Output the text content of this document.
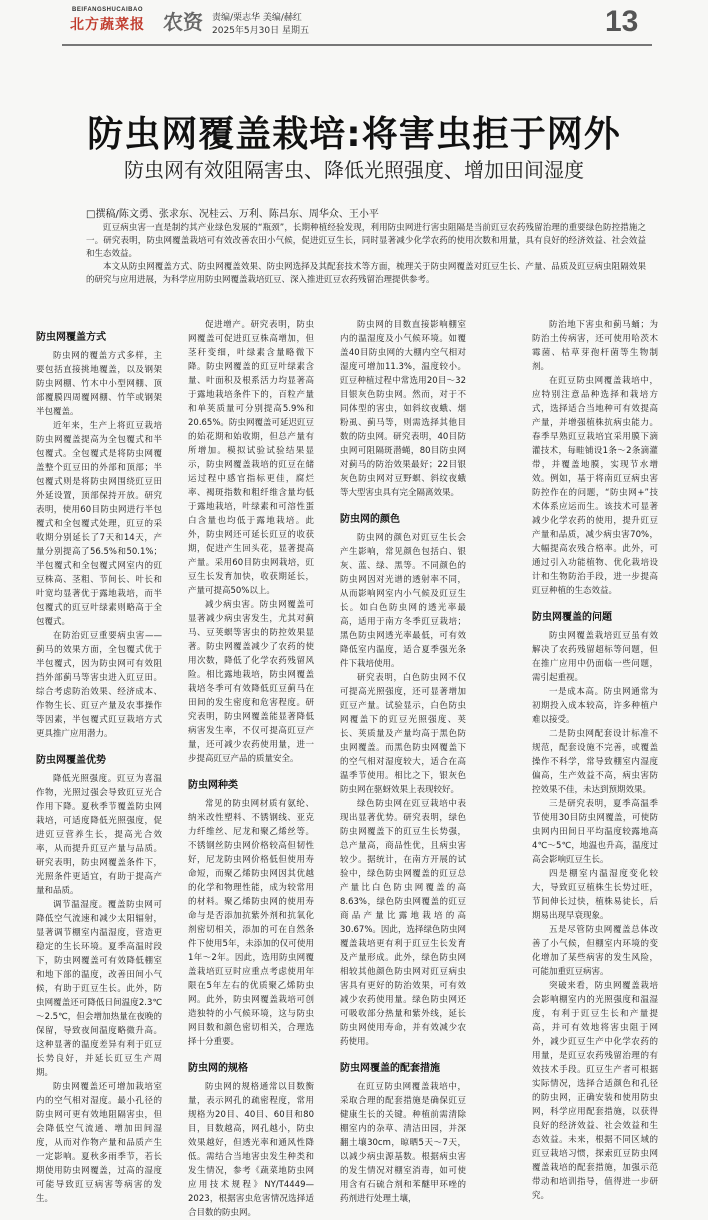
BEIFANGSHUCAIBAO
北方蔬菜报 农资 责编/栗志华 美编/赫红
2025年5月30日 星期五	13
防虫网覆盖栽培:将害虫拒于网外
防虫网有效阻隔害虫、降低光照强度、增加田间湿度
□撰稿/陈文勇、张求东、况桂云、万利、陈昌东、周华众、王小平

豇豆病虫害一直是制约其产业绿色发展的“瓶颈”，长期种植经验发现，利用防虫网进行害虫阻隔是当前豇豆农药残留治理的重要绿色防控措施之一。研究表明，防虫网覆盖栽培可有效改善农田小气候，促进豇豆生长，同时显著减少化学农药的使用次数和用量，具有良好的经济效益、社会效益和生态效益。

本文从防虫网覆盖方式、防虫网覆盖效果、防虫网选择及其配套技术等方面，梳理关于防虫网覆盖对豇豆生长、产量、品质及豇豆病虫阻隔效果的研究与应用进展，为科学应用防虫网覆盖栽培豇豆、深入推进豇豆农药残留治理提供参考。

防虫网覆盖方式

防虫网的覆盖方式多样，主要包括直接挑地覆盖，以及钢架防虫网棚、竹木中小型网棚、顶部覆膜四周覆网棚、竹竿或钢架半包覆盖。

近年来，生产上将豇豆栽培防虫网覆盖提高为全包覆式和半包覆式。全包覆式是将防虫网覆盖整个豇豆田的外部和顶部；半包覆式则是将防虫网围绕豇豆田外延设置，顶部保持开放。研究表明，使用60目防虫网进行半包覆式和全包覆式处理，豇豆的采收期分别延长了7天和14天，产量分别提高了56.5%和50.1%；半包覆式和全包覆式网室内的豇豆株高、茎粗、节间长、叶长和叶宽均显著优于露地栽培，而半包覆式的豇豆叶绿素则略高于全包覆式。

在防治豇豆重要病虫害——蓟马的效果方面，全包覆式优于半包覆式，因为防虫网可有效阻挡外部蓟马等害虫进入豇豆田。综合考虑防治效果、经济成本、作物生长、豇豆产量及农事操作等因素，半包覆式豇豆栽培方式更具推广应用潜力。

防虫网覆盖优势

降低光照强度。豇豆为喜温作物，光照过强会导致豇豆光合作用下降。夏秋季节覆盖防虫网栽培，可适度降低光照强度，促进豇豆营养生长，提高光合效率，从而提升豇豆产量与品质。研究表明，防虫网覆盖条件下，光照条件更适宜，有助于提高产量和品质。

调节温湿度。覆盖防虫网可降低空气流速和减少太阳辐射，显著调节棚室内温湿度，营造更稳定的生长环境。夏季高温时段下，防虫网覆盖可有效降低棚室和地下部的温度，改善田间小气候，有助于豇豆生长。此外，防虫网覆盖还可降低日间温度2.3℃～2.5℃，但会增加热量在夜晚的保留，导致夜间温度略微升高。这种显著的温度差异有利于豇豆长势良好，并延长豇豆生产周期。

防虫网覆盖还可增加栽培室内的空气相对湿度。最小孔径的防虫网可更有效地阻隔害虫，但会降低空气流通、增加田间湿度，从而对作物产量和品质产生一定影响。夏秋多雨季节，若长期使用防虫网覆盖，过高的湿度可能导致豇豆病害等病害的发生。

促进增产。研究表明，防虫网覆盖可促进豇豆株高增加，但茎秆变细，叶绿素含量略微下降。防虫网覆盖的豇豆叶绿素含量、叶面积及根系活力均显著高于露地栽培条件下的，百粒产量和单荚质量可分别提高5.9%和20.65%。防虫网覆盖可延迟豇豆的始花期和始收期，但总产量有所增加。模拟试验试验结果显示，防虫网覆盖栽培的豇豆在储运过程中感官指标更佳，腐烂率、褐斑指数和粗纤维含量均低于露地栽培，叶绿素和可溶性蛋白含量也均低于露地栽培。此外，防虫网还可延长豇豆的收获期，促进产生回头花，显著提高产量。采用60目防虫网栽培，豇豆生长发育加快，收获期延长，产量可提高50%以上。

减少病虫害。防虫网覆盖可显著减少病虫害发生，尤其对蓟马、豆荚螟等害虫的防控效果显著。防虫网覆盖减少了农药的使用次数，降低了化学农药残留风险。相比露地栽培，防虫网覆盖栽培冬季可有效降低豇豆蓟马在田间的发生密度和危害程度。研究表明，防虫网覆盖能显著降低病害发生率，不仅可提高豇豆产量，还可减少农药使用量，进一步提高豇豆产品的质量安全。

防虫网种类

常见的防虫网材质有氨纶、纳米改性塑料、不锈钢线、亚克力纤维丝、尼龙和聚乙烯丝等。不锈钢丝防虫网价格较高但韧性好，尼龙防虫网价格低但使用寿命短，而聚乙烯防虫网因其优越的化学和物理性能，成为较常用的材料。聚乙烯防虫网的使用寿命与是否添加抗紫外剂和抗氧化剂密切相关，添加的可在自然条件下使用5年，未添加的仅可使用1年～2年。因此，选用防虫网覆盖栽培豇豆时应重点考虑使用年限在5年左右的优质聚乙烯防虫网。此外，防虫网覆盖栽培可创造独特的小气候环境，这与防虫网目数和颜色密切相关，合理选择十分重要。

防虫网的规格

防虫网的规格通常以目数衡量，表示网孔的疏密程度，常用规格为20目、40目、60目和80目，目数越高，网孔越小，防虫效果越好，但透光率和通风性降低。需结合当地害虫发生种类和发生情况，参考《蔬菜地防虫网应用技术规程》NY/T4449—2023，根据害虫危害情况选择适合目数的防虫网。

防虫网的目数直接影响棚室内的温湿度及小气候环境。如覆盖40目防虫网的大棚内空气相对湿度可增加11.3%，温度较小。豇豆种植过程中常选用20目～32目银灰色防虫网。然而，对于不同体型的害虫，如斜纹夜蛾、烟粉虱、蓟马等，则需选择其他目数的防虫网。研究表明，40目防虫网可阻隔斑潜蝇，80目防虫网对蓟马的防治效果最好；22目银灰色防虫网对豆野螟、斜纹夜蛾等大型害虫具有完全隔离效果。

防虫网的颜色

防虫网的颜色对豇豆生长会产生影响，常见颜色包括白、银灰、蓝、绿、黑等。不同颜色的防虫网因对光谱的透射率不同，从而影响网室内小气候及豇豆生长。如白色防虫网的透光率最高，适用于南方冬季豇豆栽培；黑色防虫网透光率最低，可有效降低室内温度，适合夏季强光条件下栽培使用。

研究表明，白色防虫网不仅可提高光照强度，还可显著增加豇豆产量。试验显示，白色防虫网覆盖下的豇豆光照强度、荚长、荚质量及产量均高于黑色防虫网覆盖。而黑色防虫网覆盖下的空气相对湿度较大，适合在高温季节使用。相比之下，银灰色防虫网在驱蚜效果上表现较好。

绿色防虫网在豇豆栽培中表现出显著优势。研究表明，绿色防虫网覆盖下的豇豆生长势强，总产量高，商品性优，且病虫害较少。据统计，在南方开展的试验中，绿色防虫网覆盖的豇豆总产量比白色防虫网覆盖的高8.63%，绿色防虫网覆盖的豇豆商品产量比露地栽培的高30.67%。因此，选择绿色防虫网覆盖栽培更有利于豇豆生长发育及产量形成。此外，绿色防虫网相较其他颜色防虫网对豇豆病虫害具有更好的防治效果，可有效减少农药使用量。绿色防虫网还可吸收部分热量和紫外线，延长防虫网使用寿命，并有效减少农药使用。

防虫网覆盖的配套措施

在豇豆防虫网覆盖栽培中，采取合理的配套措施是确保豇豆健康生长的关键。种植前需清除棚室内的杂草、清洁田园，并深翻土壤30cm，晾晒5天～7天，以减少病虫源基数。根据病虫害的发生情况对棚室消毒，如可使用含有石硫合剂和苯醚甲环唑的药剂进行处理土壤，

防治地下害虫和蓟马蛹；为防治土传病害，还可使用哈茨木霉菌、枯草芽孢杆菌等生物制剂。

在豇豆防虫网覆盖栽培中，应特别注意品种选择和栽培方式，选择适合当地种可有效提高产量，并增强植株抗病虫能力。春季早熟豇豆栽培宜采用膜下滴灌技术，每畦铺设1条～2条滴灌带，并覆盖地膜，实现节水增效。例如，基于将南豇豆病虫害防控作在的问题，“防虫网+”技术体系应运而生。该技术可显著减少化学农药的使用，提升豇豆产量和品质，减少病虫害70%，大幅提高农残合格率。此外，可通过引入功能植物、优化栽培设计和生物防治手段，进一步提高豇豆种植的生态效益。

防虫网覆盖的问题

防虫网覆盖栽培豇豆虽有效解决了农药残留超标等问题，但在推广应用中仍面临一些问题，需引起重视。

一是成本高。防虫网通常为初期投入成本较高，许多种植户难以接受。

二是防虫网配套设计标准不规范，配套设施不完善，或覆盖操作不科学，常导致棚室内湿度偏高，生产效益不高，病虫害防控效果不佳，未达到预期效果。

三是研究表明，夏季高温季节使用30目防虫网覆盖，可使防虫网内田间日平均温度较露地高4℃～5℃，地温也升高，温度过高会影响豇豆生长。

四是棚室内温湿度变化较大，导致豇豆植株生长势过旺，节间伸长过快，植株易徒长，后期易出现早衰现象。

五是尽管防虫网覆盖总体改善了小气候，但棚室内环境的变化增加了某些病害的发生风险，可能加重豇豆病害。

突破来看，防虫网覆盖栽培会影响棚室内的光照强度和温湿度，有利于豇豆生长和产量提高，并可有效地将害虫阻于网外，减少豇豆生产中化学农药的用量，是豇豆农药残留治理的有效技术手段。豇豆生产者可根据实际情况，选择合适颜色和孔径的防虫网，正确安装和使用防虫网，科学应用配套措施，以获得良好的经济效益、社会效益和生态效益。未来，根据不同区域的豇豆栽培习惯，探索豇豆防虫网覆盖栽培的配套措施，加强示范带动和培训指导，值得进一步研究。
